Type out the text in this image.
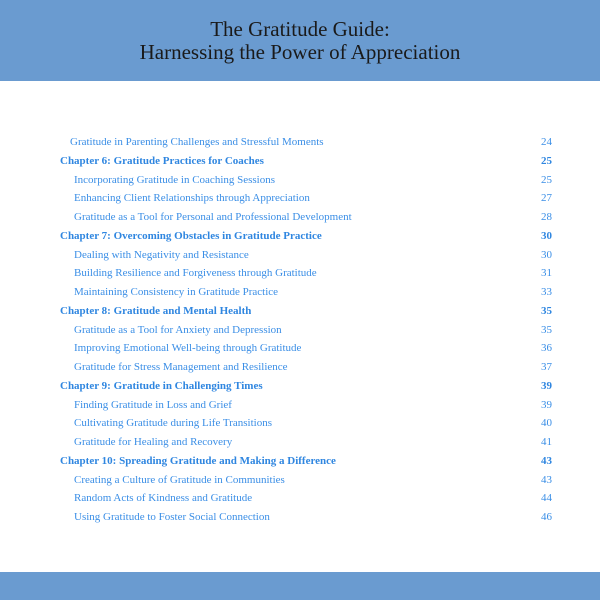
The Gratitude Guide:
Harnessing the Power of Appreciation
Gratitude in Parenting Challenges and Stressful Moments	24
Chapter 6: Gratitude Practices for Coaches	25
Incorporating Gratitude in Coaching Sessions	25
Enhancing Client Relationships through Appreciation	27
Gratitude as a Tool for Personal and Professional Development	28
Chapter 7: Overcoming Obstacles in Gratitude Practice	30
Dealing with Negativity and Resistance	30
Building Resilience and Forgiveness through Gratitude	31
Maintaining Consistency in Gratitude Practice	33
Chapter 8: Gratitude and Mental Health	35
Gratitude as a Tool for Anxiety and Depression	35
Improving Emotional Well-being through Gratitude	36
Gratitude for Stress Management and Resilience	37
Chapter 9: Gratitude in Challenging Times	39
Finding Gratitude in Loss and Grief	39
Cultivating Gratitude during Life Transitions	40
Gratitude for Healing and Recovery	41
Chapter 10: Spreading Gratitude and Making a Difference	43
Creating a Culture of Gratitude in Communities	43
Random Acts of Kindness and Gratitude	44
Using Gratitude to Foster Social Connection	46
